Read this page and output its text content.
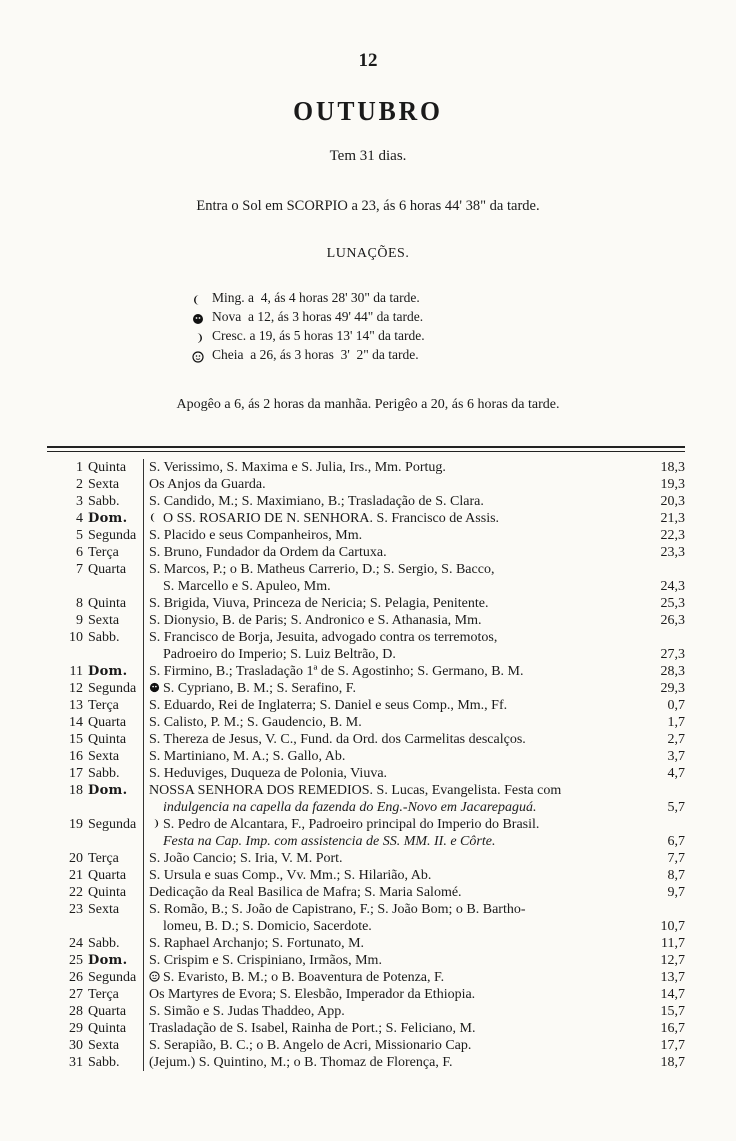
12
OUTUBRO
Tem 31 dias.
Entra o Sol em SCORPIO a 23, ás 6 horas 44' 38" da tarde.
LUNAÇÕES.
Ming. a  4, ás 4 horas 28' 30" da tarde.
Nova  a 12, ás 3 horas 49' 44" da tarde.
Cresc. a 19, ás 5 horas 13' 14" da tarde.
Cheia  a 26, ás 3 horas  3'  2" da tarde.
Apogêo a 6, ás 2 horas da manhãa. Perigêo a 20, ás 6 horas da tarde.
1 Quinta	S. Verissimo, S. Maxima e S. Julia, Irs., Mm. Portug.	18,3
2 Sexta	Os Anjos da Guarda.	19,3
3 Sabb.	S. Candido, M.; S. Maximiano, B.; Trasladação de S. Clara.	20,3
4 Dom.	O SS. ROSARIO DE N. SENHORA. S. Francisco de Assis.	21,3
5 Segunda S. Placido e seus Companheiros, Mm.	22,3
6 Terça	S. Bruno, Fundador da Ordem da Cartuxa.	23,3
7 Quarta	S. Marcos, P.; o B. Matheus Carrerio, D.; S. Sergio, S. Bacco,
S. Marcello e S. Apuleo, Mm.	24,3
8 Quinta	S. Brigida, Viuva, Princeza de Nericia; S. Pelagia, Penitente.	25,3
9 Sexta	S. Dionysio, B. de Paris; S. Andronico e S. Athanasia, Mm.	26,3
10 Sabb.	S. Francisco de Borja, Jesuita, advogado contra os terremotos,
Padroeiro do Imperio; S. Luiz Beltrão, D.	27,3
11 Dom.	S. Firmino, B.; Trasladação 1ª de S. Agostinho; S. Germano, B. M.	28,3
12 Segunda	S. Cypriano, B. M.; S. Serafino, F.	29,3
13 Terça	S. Eduardo, Rei de Inglaterra; S. Daniel e seus Comp., Mm., Ff.	0,7
14 Quarta	S. Calisto, P. M.; S. Gaudencio, B. M.	1,7
15 Quinta	S. Thereza de Jesus, V. C., Fund. da Ord. dos Carmelitas descalços.	2,7
16 Sexta	S. Martiniano, M. A.; S. Gallo, Ab.	3,7
17 Sabb.	S. Heduviges, Duqueza de Polonia, Viuva.	4,7
18 Dom.	NOSSA SENHORA DOS REMEDIOS. S. Lucas, Evangelista. Festa com
indulgencia na capella da fazenda do Eng.-Novo em Jacarepaguá.	5,7
19 Segunda	S. Pedro de Alcantara, F., Padroeiro principal do Imperio do Brasil.
Festa na Cap. Imp. com assistencia de SS. MM. II. e Côrte.	6,7
20 Terça	S. João Cancio; S. Iria, V. M. Port.	7,7
21 Quarta	S. Ursula e suas Comp., Vv. Mm.; S. Hilarião, Ab.	8,7
22 Quinta	Dedicação da Real Basilica de Mafra; S. Maria Salomé.	9,7
23 Sexta	S. Romão, B.; S. João de Capistrano, F.; S. João Bom; o B. Bartho-
lomeu, B. D.; S. Domicio, Sacerdote.	10,7
24 Sabb.	S. Raphael Archanjo; S. Fortunato, M.	11,7
25 Dom.	S. Crispim e S. Crispiniano, Irmãos, Mm.	12,7
26 Segunda	S. Evaristo, B. M.; o B. Boaventura de Potenza, F.	13,7
27 Terça	Os Martyres de Evora; S. Elesbão, Imperador da Ethiopia.	14,7
28 Quarta	S. Simão e S. Judas Thaddeo, App.	15,7
29 Quinta	Trasladação de S. Isabel, Rainha de Port.; S. Feliciano, M.	16,7
30 Sexta	S. Serapião, B. C.; o B. Angelo de Acri, Missionario Cap.	17,7
31 Sabb.	(Jejum.) S. Quintino, M.; o B. Thomaz de Florença, F.	18,7
